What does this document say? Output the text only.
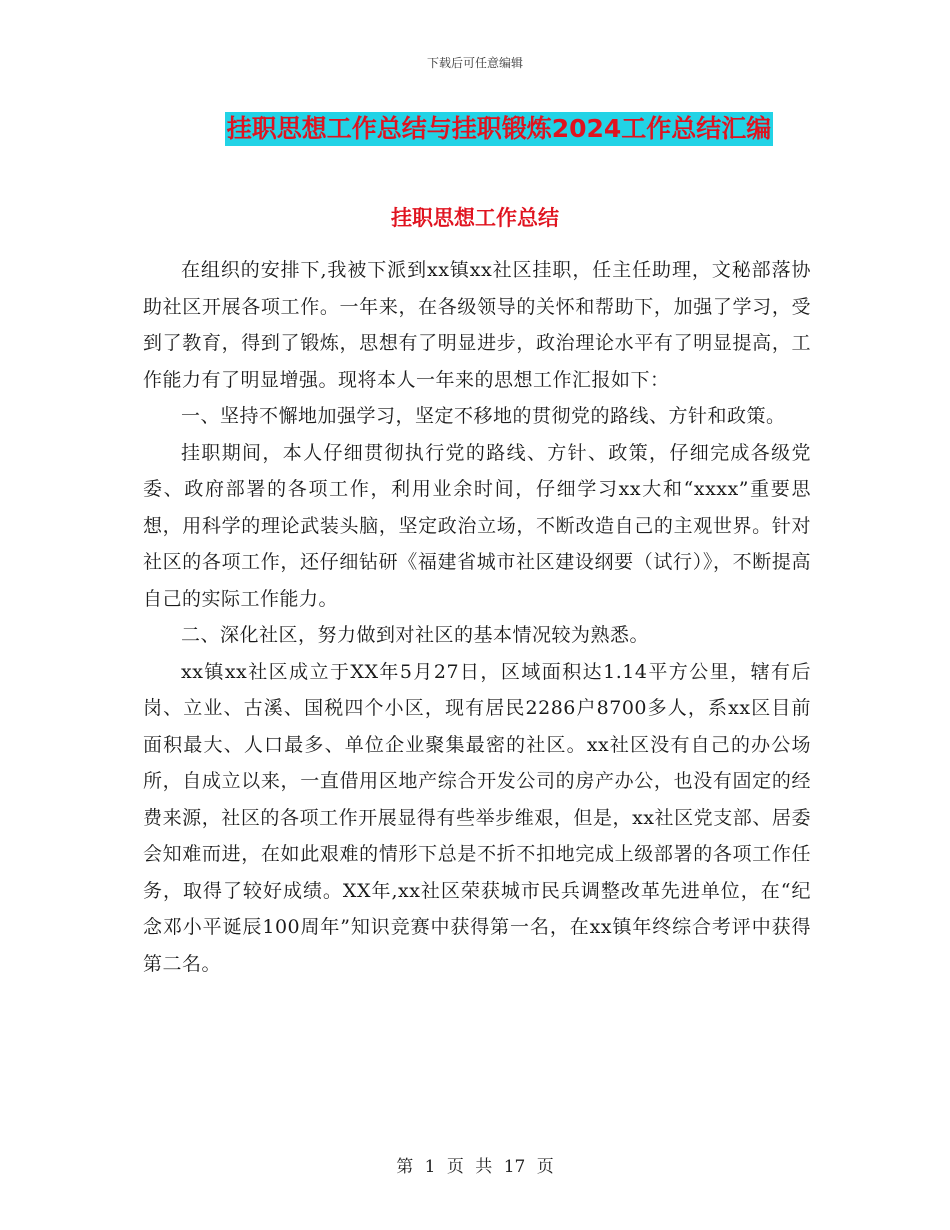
下载后可任意编辑
挂职思想工作总结与挂职锻炼2024工作总结汇编
挂职思想工作总结

在组织的安排下,我被下派到xx镇xx社区挂职，任主任助理，文秘部落协助社区开展各项工作。一年来，在各级领导的关怀和帮助下，加强了学习，受到了教育，得到了锻炼，思想有了明显进步，政治理论水平有了明显提高，工作能力有了明显增强。现将本人一年来的思想工作汇报如下：

一、坚持不懈地加强学习，坚定不移地的贯彻党的路线、方针和政策。

挂职期间，本人仔细贯彻执行党的路线、方针、政策，仔细完成各级党委、政府部署的各项工作，利用业余时间，仔细学习xx大和“xxxx”重要思想，用科学的理论武装头脑，坚定政治立场，不断改造自己的主观世界。针对社区的各项工作，还仔细钻研《福建省城市社区建设纲要（试行）》，不断提高自己的实际工作能力。

二、深化社区，努力做到对社区的基本情况较为熟悉。

xx镇xx社区成立于XX年5月27日，区域面积达1.14平方公里，辖有后岗、立业、古溪、国税四个小区，现有居民2286户8700多人，系xx区目前面积最大、人口最多、单位企业聚集最密的社区。xx社区没有自己的办公场所，自成立以来，一直借用区地产综合开发公司的房产办公，也没有固定的经费来源，社区的各项工作开展显得有些举步维艰，但是，xx社区党支部、居委会知难而进，在如此艰难的情形下总是不折不扣地完成上级部署的各项工作任务，取得了较好成绩。XX年,xx社区荣获城市民兵调整改革先进单位，在“纪念邓小平诞辰100周年”知识竞赛中获得第一名，在xx镇年终综合考评中获得第二名。

第 1 页 共 17 页
